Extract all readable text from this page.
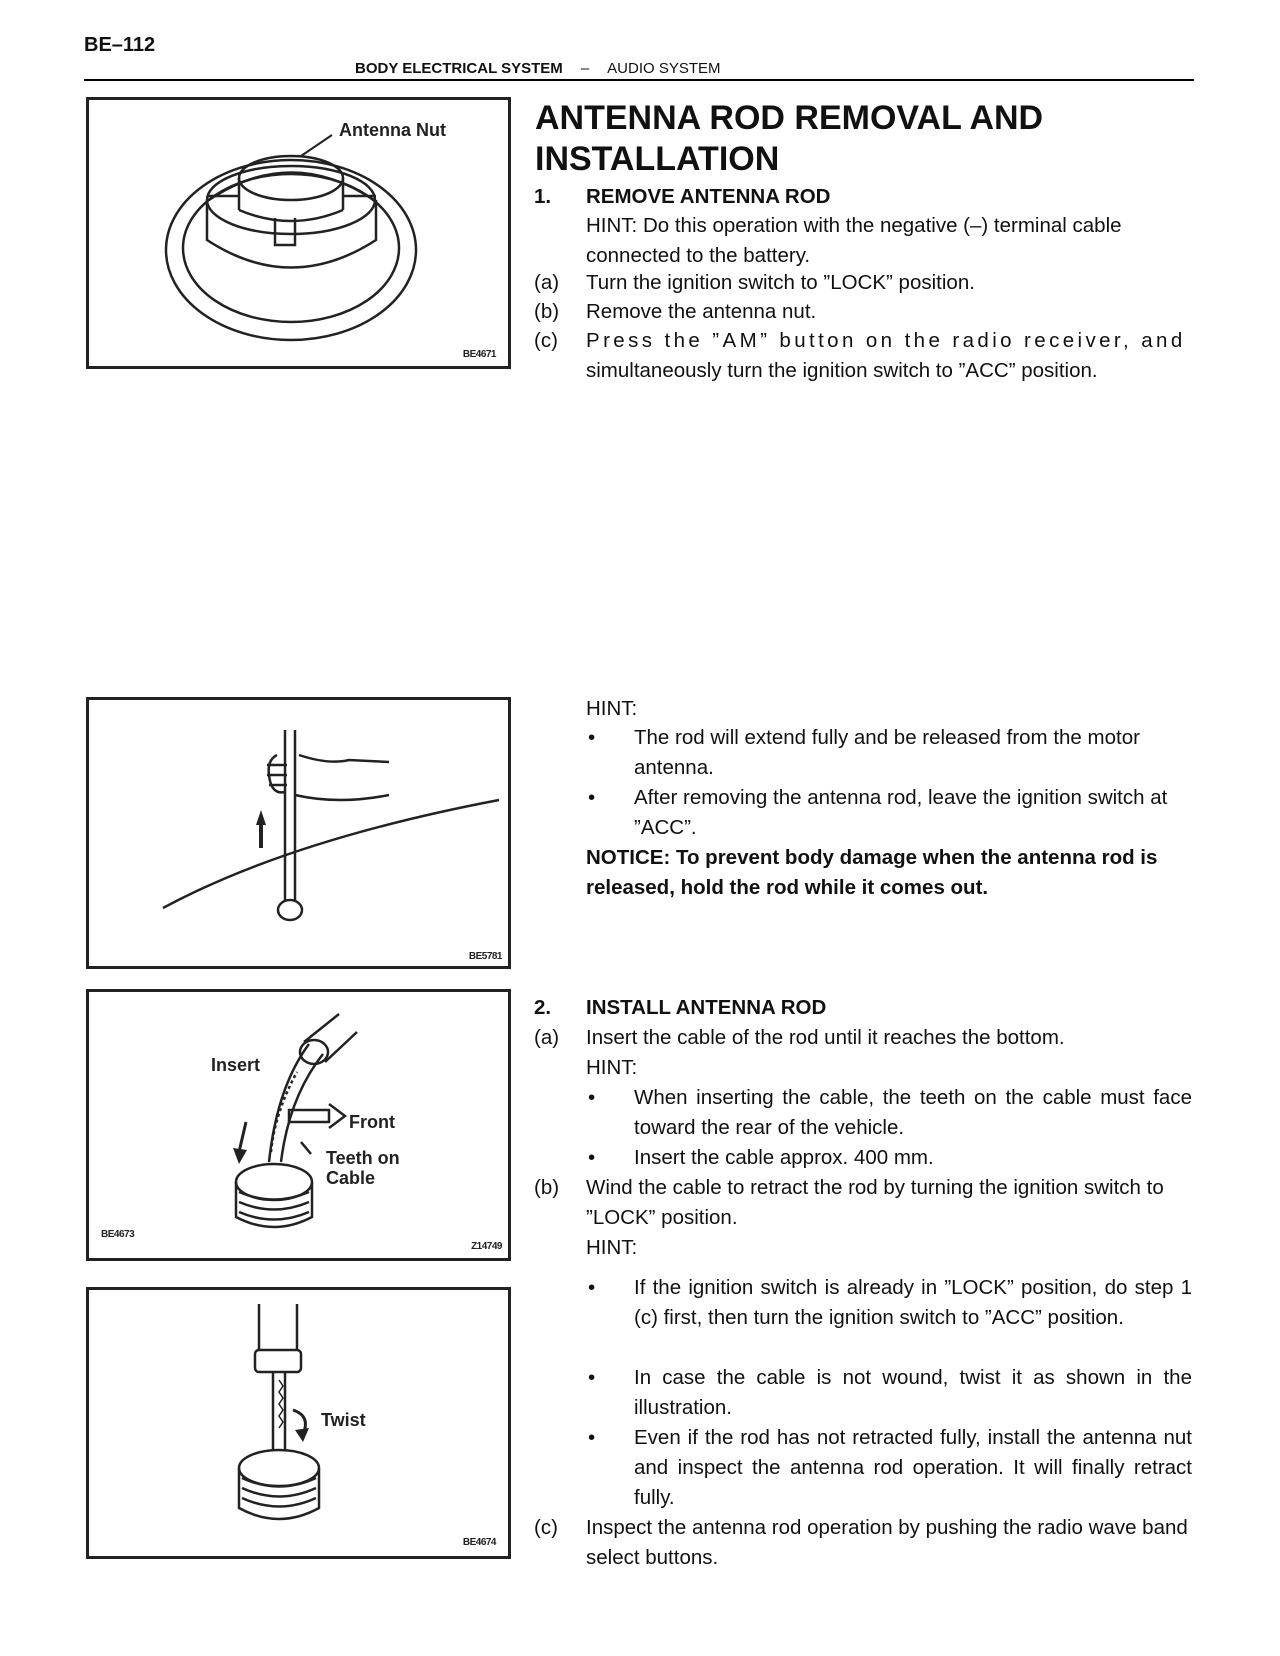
BE–112
BODY ELECTRICAL SYSTEM – AUDIO SYSTEM
ANTENNA ROD REMOVAL AND
INSTALLATION
1. REMOVE ANTENNA ROD
HINT: Do this operation with the negative (–) terminal cable connected to the battery.
(a) Turn the ignition switch to ”LOCK” position.
(b) Remove the antenna nut.
(c) Press the ”AM” button on the radio receiver, and
simultaneously turn the ignition switch to ”ACC” position.
HINT:
• The rod will extend fully and be released from the motor antenna.
• After removing the antenna rod, leave the ignition switch at ”ACC”.
NOTICE: To prevent body damage when the antenna rod is released, hold the rod while it comes out.
2. INSTALL ANTENNA ROD
(a) Insert the cable of the rod until it reaches the bottom.
HINT:
• When inserting the cable, the teeth on the cable must face toward the rear of the vehicle.
• Insert the cable approx. 400 mm.
(b) Wind the cable to retract the rod by turning the ignition switch to ”LOCK” position.
HINT:
• If the ignition switch is already in ”LOCK” position, do step 1 (c) first, then turn the ignition switch to ”ACC” position.
• In case the cable is not wound, twist it as shown in the illustration.
• Even if the rod has not retracted fully, install the antenna nut and inspect the antenna rod operation. It will finally retract fully.
(c) Inspect the antenna rod operation by pushing the radio wave band select buttons.
Antenna Nut
BE4671
BE5781
Insert
Front
Teeth on
Cable
BE4673
Z14749
Twist
BE4674
